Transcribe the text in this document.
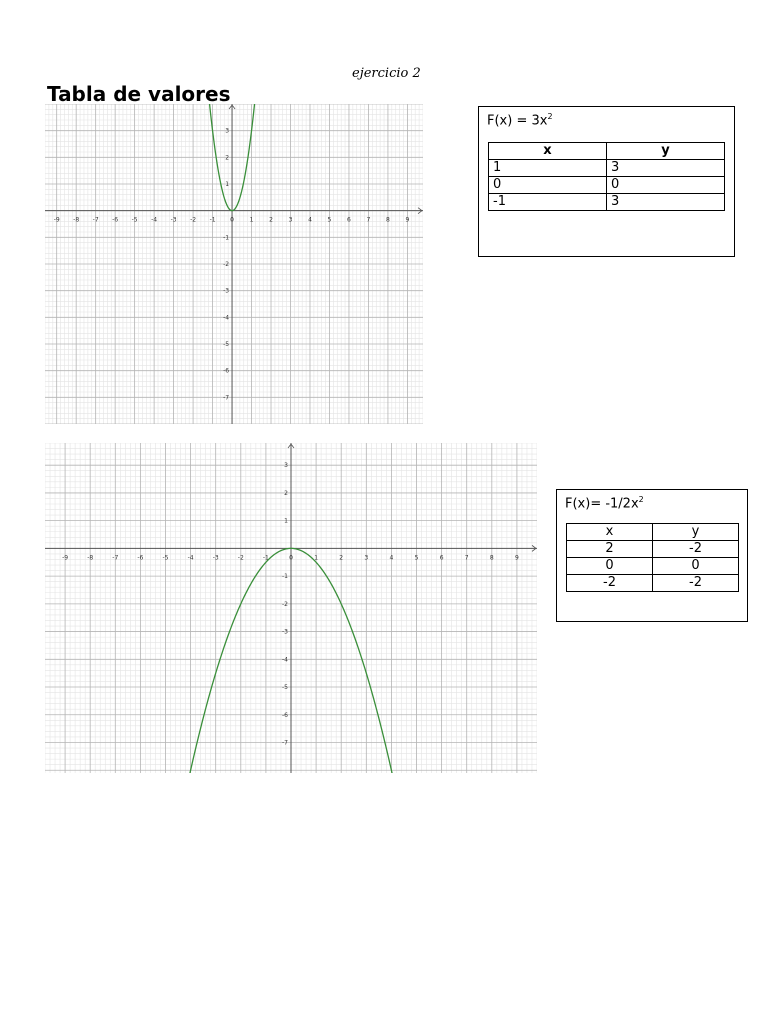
ejercicio 2
Tabla de valores
-9 -8 -7 -6 -5 -4 -3 -2 -1 0	1	2	3	4	5	6	7	8	9
-7
-6
-5
-4
-3
-2
-1
1
2
3
-9	-8	-7	-6	-5	-4	-3	-2	-1	0	1	2	3	4	5	6	7	8	9
-7
-6
-5
-4
-3
-2
-1
1
2
3
$F(x) = 3x^2$
x	y
1	3
0	0
-1	3
$F(x)= -1/2x^2$
x	y
2	-2
0	0
-2	-2
